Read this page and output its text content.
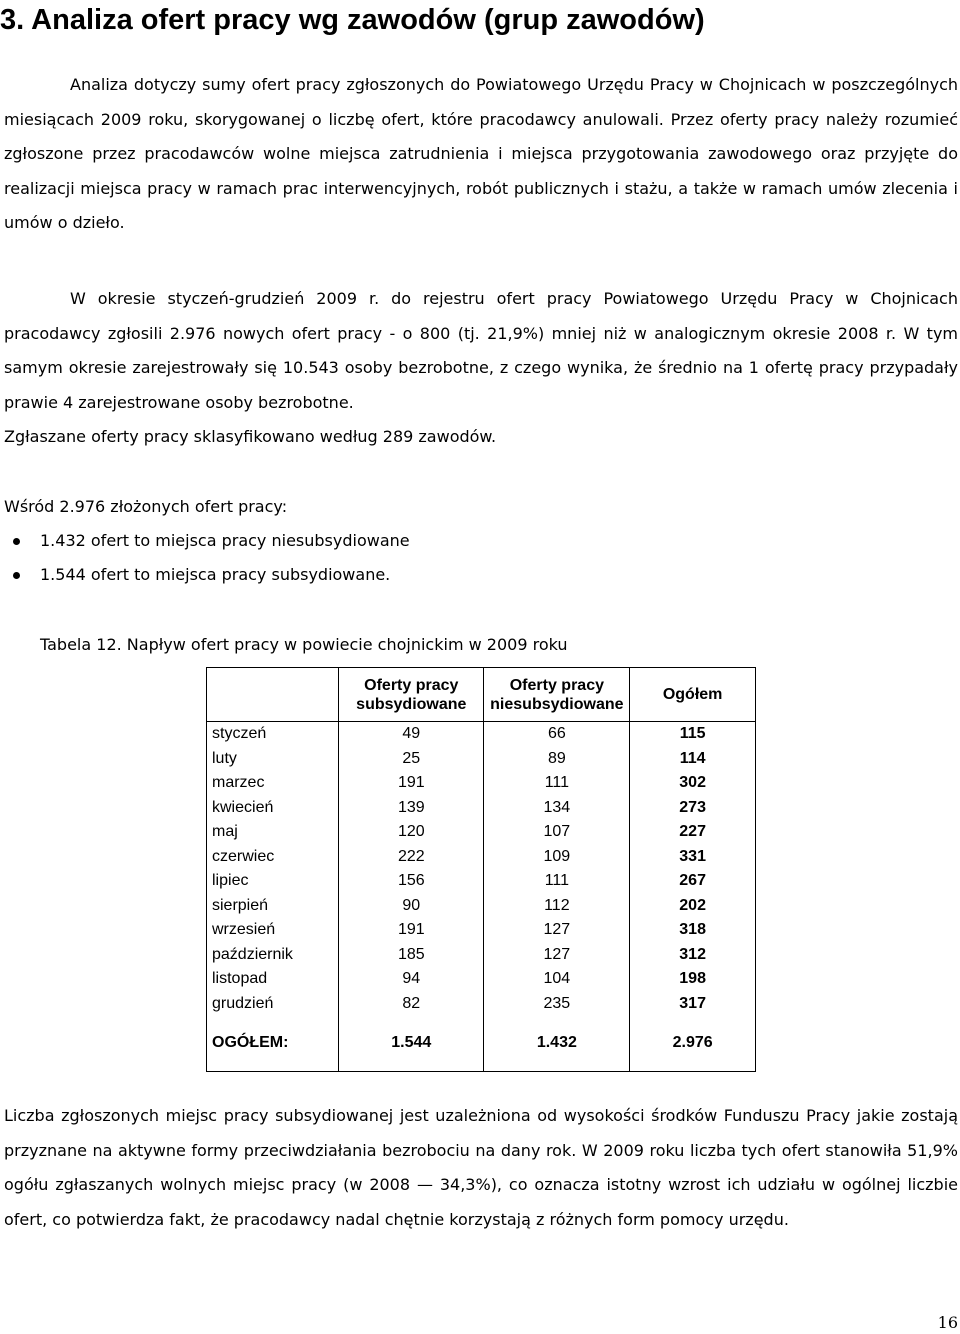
3. Analiza ofert pracy wg zawodów (grup zawodów)

Analiza dotyczy sumy ofert pracy zgłoszonych do Powiatowego Urzędu Pracy w Chojnicach w poszczególnych miesiącach 2009 roku, skorygowanej o liczbę ofert, które pracodawcy anulowali. Przez oferty pracy należy rozumieć zgłoszone przez pracodawców wolne miejsca zatrudnienia i miejsca przygotowania zawodowego oraz przyjęte do realizacji miejsca pracy w ramach prac interwencyjnych, robót publicznych i stażu, a także w ramach umów zlecenia i umów o dzieło.

W okresie styczeń-grudzień 2009 r. do rejestru ofert pracy Powiatowego Urzędu Pracy w Chojnicach pracodawcy zgłosili 2.976 nowych ofert pracy - o 800 (tj. 21,9%) mniej niż w analogicznym okresie 2008 r. W tym samym okresie zarejestrowały się 10.543 osoby bezrobotne, z czego wynika, że średnio na 1 ofertę pracy przypadały prawie 4 zarejestrowane osoby bezrobotne.

Zgłaszane oferty pracy sklasyfikowano według 289 zawodów.

Wśród 2.976 złożonych ofert pracy:

1.432 ofert to miejsca pracy niesubsydiowane
1.544 ofert to miejsca pracy subsydiowane.

Tabela 12. Napływ ofert pracy w powiecie chojnickim w 2009 roku

	Oferty pracy subsydiowane	Oferty pracy niesubsydiowane	Ogółem
styczeń	49	66	115
luty	25	89	114
marzec	191	111	302
kwiecień	139	134	273
maj	120	107	227
czerwiec	222	109	331
lipiec	156	111	267
sierpień	90	112	202
wrzesień	191	127	318
październik	185	127	312
listopad	94	104	198
grudzień	82	235	317

OGÓŁEM:	1.544	1.432	2.976

Liczba zgłoszonych miejsc pracy subsydiowanej jest uzależniona od wysokości środków Funduszu Pracy jakie zostają przyznane na aktywne formy przeciwdziałania bezrobociu na dany rok. W 2009 roku liczba tych ofert stanowiła 51,9% ogółu zgłaszanych wolnych miejsc pracy (w 2008 — 34,3%), co oznacza istotny wzrost ich udziału w ogólnej liczbie ofert, co potwierdza fakt, że pracodawcy nadal chętnie korzystają z różnych form pomocy urzędu.

16
